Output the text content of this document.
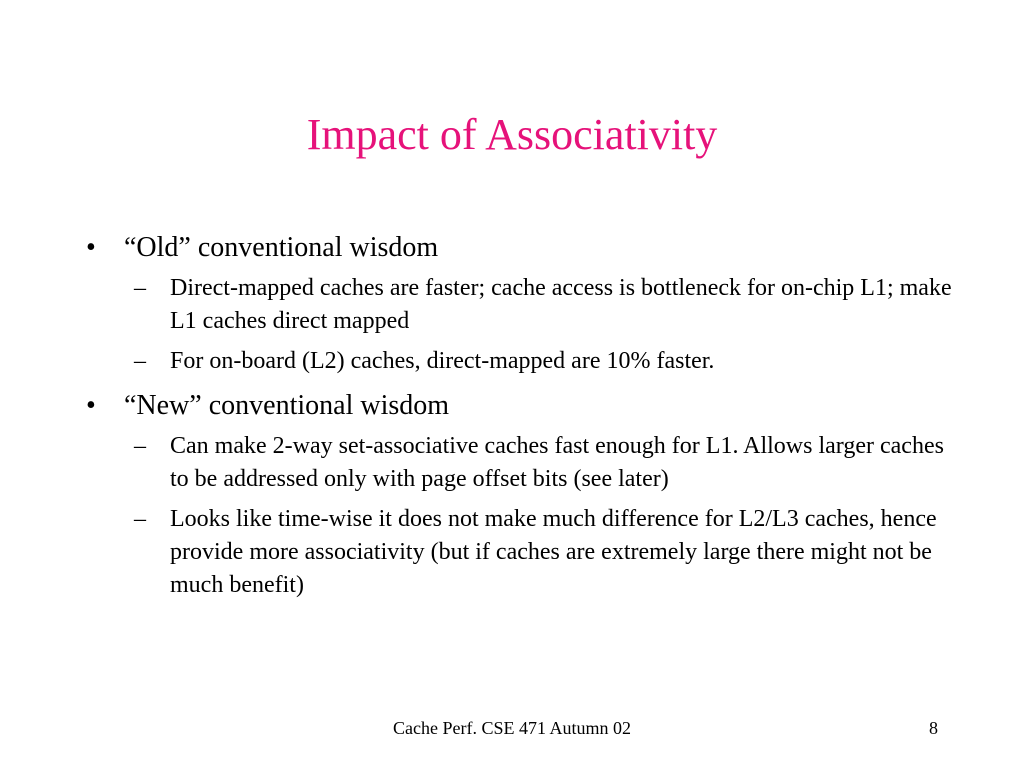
Impact of Associativity
• “Old” conventional wisdom
– Direct-mapped caches are faster; cache access is bottleneck for on-chip L1; make L1 caches direct mapped
– For on-board (L2) caches, direct-mapped are 10% faster.
• “New” conventional wisdom
– Can make 2-way set-associative caches fast enough for L1. Allows larger caches to be addressed only with page offset bits (see later)
– Looks like time-wise it does not make much difference for L2/L3 caches, hence provide more associativity (but if caches are extremely large there might not be much benefit)
Cache Perf. CSE 471 Autumn 02	8
